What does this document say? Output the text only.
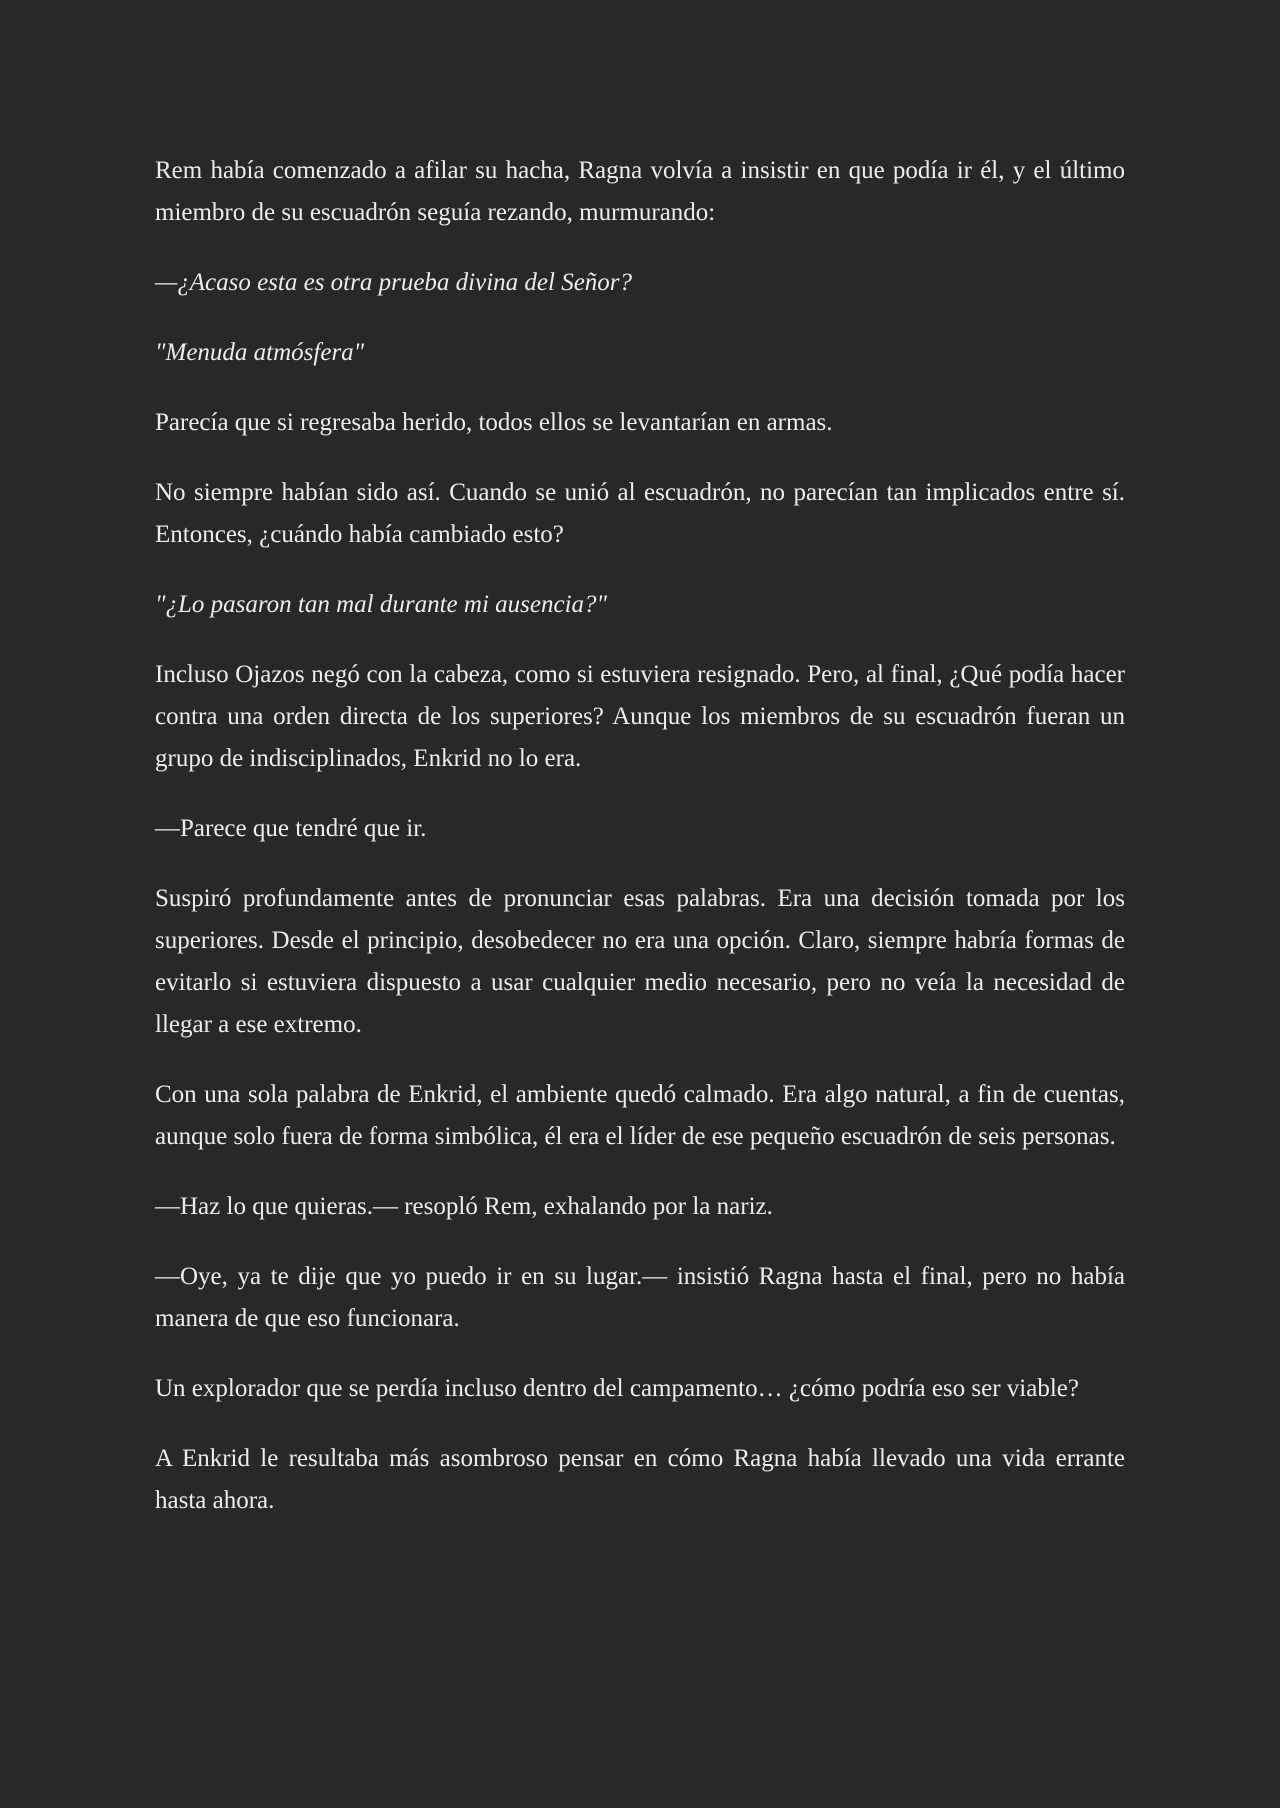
Rem había comenzado a afilar su hacha, Ragna volvía a insistir en que podía ir él, y el último miembro de su escuadrón seguía rezando, murmurando:

—¿Acaso esta es otra prueba divina del Señor?

"Menuda atmósfera"

Parecía que si regresaba herido, todos ellos se levantarían en armas.

No siempre habían sido así. Cuando se unió al escuadrón, no parecían tan implicados entre sí. Entonces, ¿cuándo había cambiado esto?

"¿Lo pasaron tan mal durante mi ausencia?"

Incluso Ojazos negó con la cabeza, como si estuviera resignado. Pero, al final, ¿Qué podía hacer contra una orden directa de los superiores? Aunque los miembros de su escuadrón fueran un grupo de indisciplinados, Enkrid no lo era.

—Parece que tendré que ir.

Suspiró profundamente antes de pronunciar esas palabras. Era una decisión tomada por los superiores. Desde el principio, desobedecer no era una opción. Claro, siempre habría formas de evitarlo si estuviera dispuesto a usar cualquier medio necesario, pero no veía la necesidad de llegar a ese extremo.

Con una sola palabra de Enkrid, el ambiente quedó calmado. Era algo natural, a fin de cuentas, aunque solo fuera de forma simbólica, él era el líder de ese pequeño escuadrón de seis personas.

—Haz lo que quieras.— resopló Rem, exhalando por la nariz.

—Oye, ya te dije que yo puedo ir en su lugar.— insistió Ragna hasta el final, pero no había manera de que eso funcionara.

Un explorador que se perdía incluso dentro del campamento… ¿cómo podría eso ser viable?

A Enkrid le resultaba más asombroso pensar en cómo Ragna había llevado una vida errante hasta ahora.
